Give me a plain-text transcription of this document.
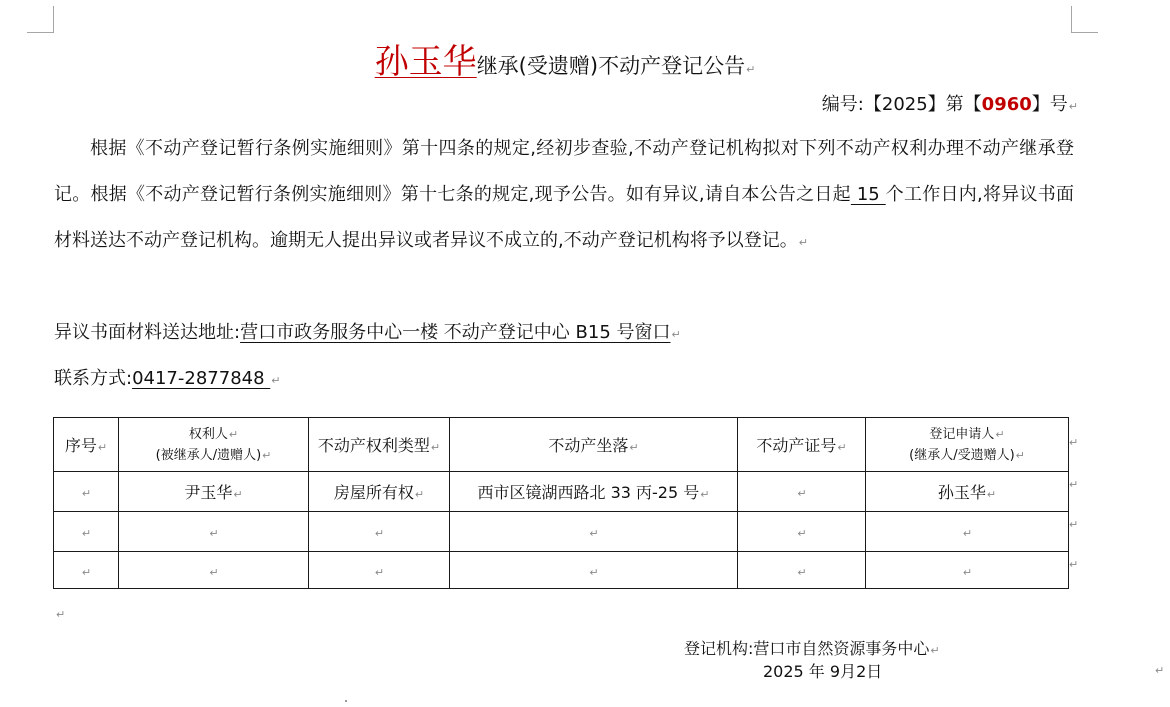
孙玉华继承(受遗赠)不动产登记公告↵
编号:【2025】第【0960】号↵
根据《不动产登记暂行条例实施细则》第十四条的规定,经初步查验,不动产登记机构拟对下列不动产权利办理不动产继承登记。根据《不动产登记暂行条例实施细则》第十七条的规定,现予公告。如有异议,请自本公告之日起 15 个工作日内,将异议书面材料送达不动产登记机构。逾期无人提出异议或者异议不成立的,不动产登记机构将予以登记。↵
异议书面材料送达地址:营口市政务服务中心一楼 不动产登记中心 B15 号窗口↵
联系方式:0417-2877848 ↵
序号↵	权利人↵
(被继承人/遗赠人)↵	不动产权利类型↵	不动产坐落↵	不动产证号↵	登记申请人↵
(继承人/受遗赠人)↵

↵	尹玉华↵	房屋所有权↵	西市区镜湖西路北 33 丙-25 号↵	↵	孙玉华↵
↵	↵	↵	↵	↵	↵
↵	↵	↵	↵	↵	↵
↵
↵
↵
↵
↵
登记机构:营口市自然资源事务中心↵
2025 年 9月2日	↵
